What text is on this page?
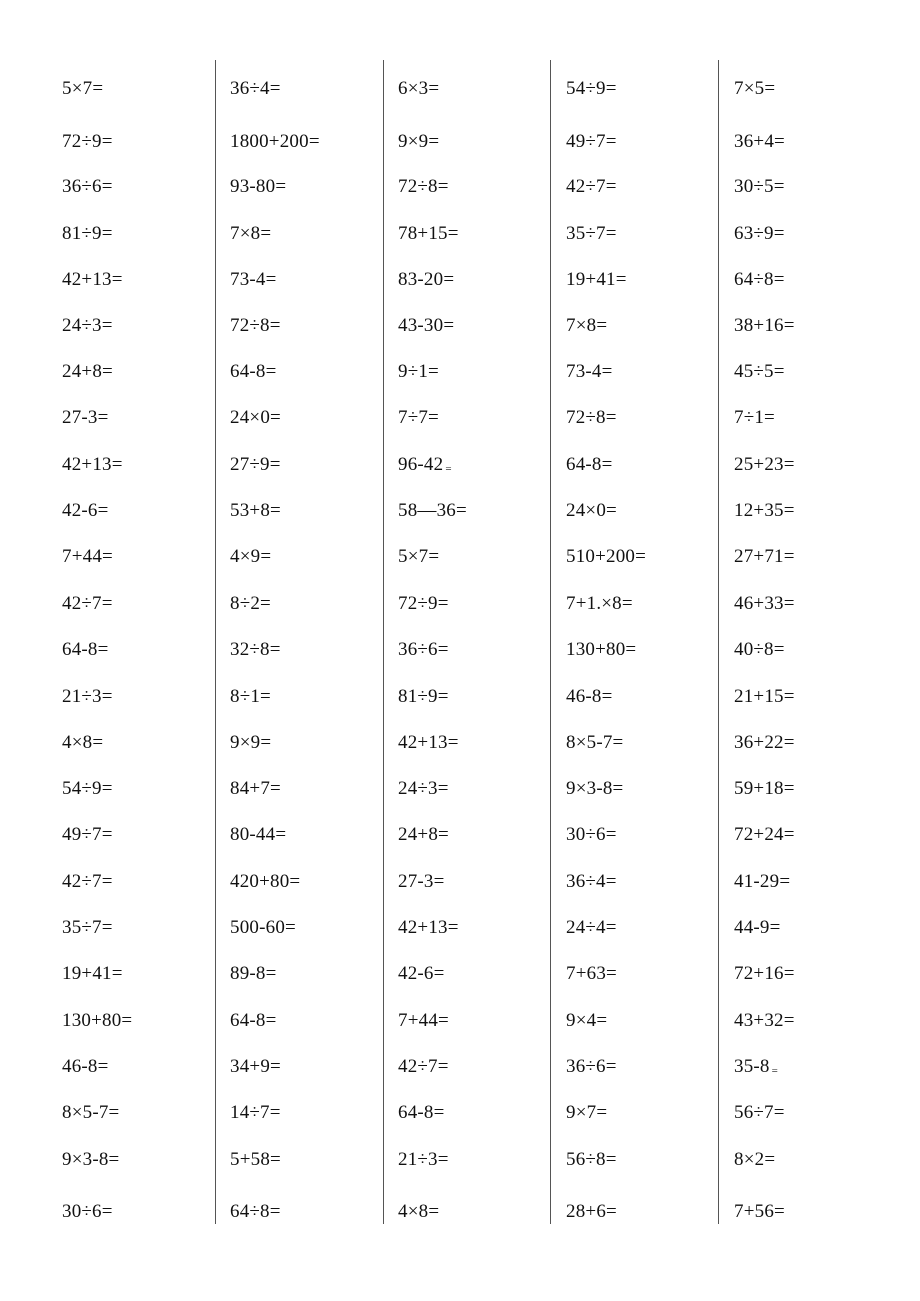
5×7=
72÷9=
36÷6=
81÷9=
42+13=
24÷3=
24+8=
27-3=
42+13=
42-6=
7+44=
42÷7=
64-8=
21÷3=
4×8=
54÷9=
49÷7=
42÷7=
35÷7=
19+41=
130+80=
46-8=
8×5-7=
9×3-8=
30÷6=
36÷4=
1800+200=
93-80=
7×8=
73-4=
72÷8=
64-8=
24×0=
27÷9=
53+8=
4×9=
8÷2=
32÷8=
8÷1=
9×9=
84+7=
80-44=
420+80=
500-60=
89-8=
64-8=
34+9=
14÷7=
5+58=
64÷8=
6×3=
9×9=
72÷8=
78+15=
83-20=
43-30=
9÷1=
7÷7=
96-42 =
58—36=
5×7=
72÷9=
36÷6=
81÷9=
42+13=
24÷3=
24+8=
27-3=
42+13=
42-6=
7+44=
42÷7=
64-8=
21÷3=
4×8=
54÷9=
49÷7=
42÷7=
35÷7=
19+41=
7×8=
73-4=
72÷8=
64-8=
24×0=
510+200=
7+1.×8=
130+80=
46-8=
8×5-7=
9×3-8=
30÷6=
36÷4=
24÷4=
7+63=
9×4=
36÷6=
9×7=
56÷8=
28+6=
7×5=
36+4=
30÷5=
63÷9=
64÷8=
38+16=
45÷5=
7÷1=
25+23=
12+35=
27+71=
46+33=
40÷8=
21+15=
36+22=
59+18=
72+24=
41-29=
44-9=
72+16=
43+32=
35-8 =
56÷7=
8×2=
7+56=
